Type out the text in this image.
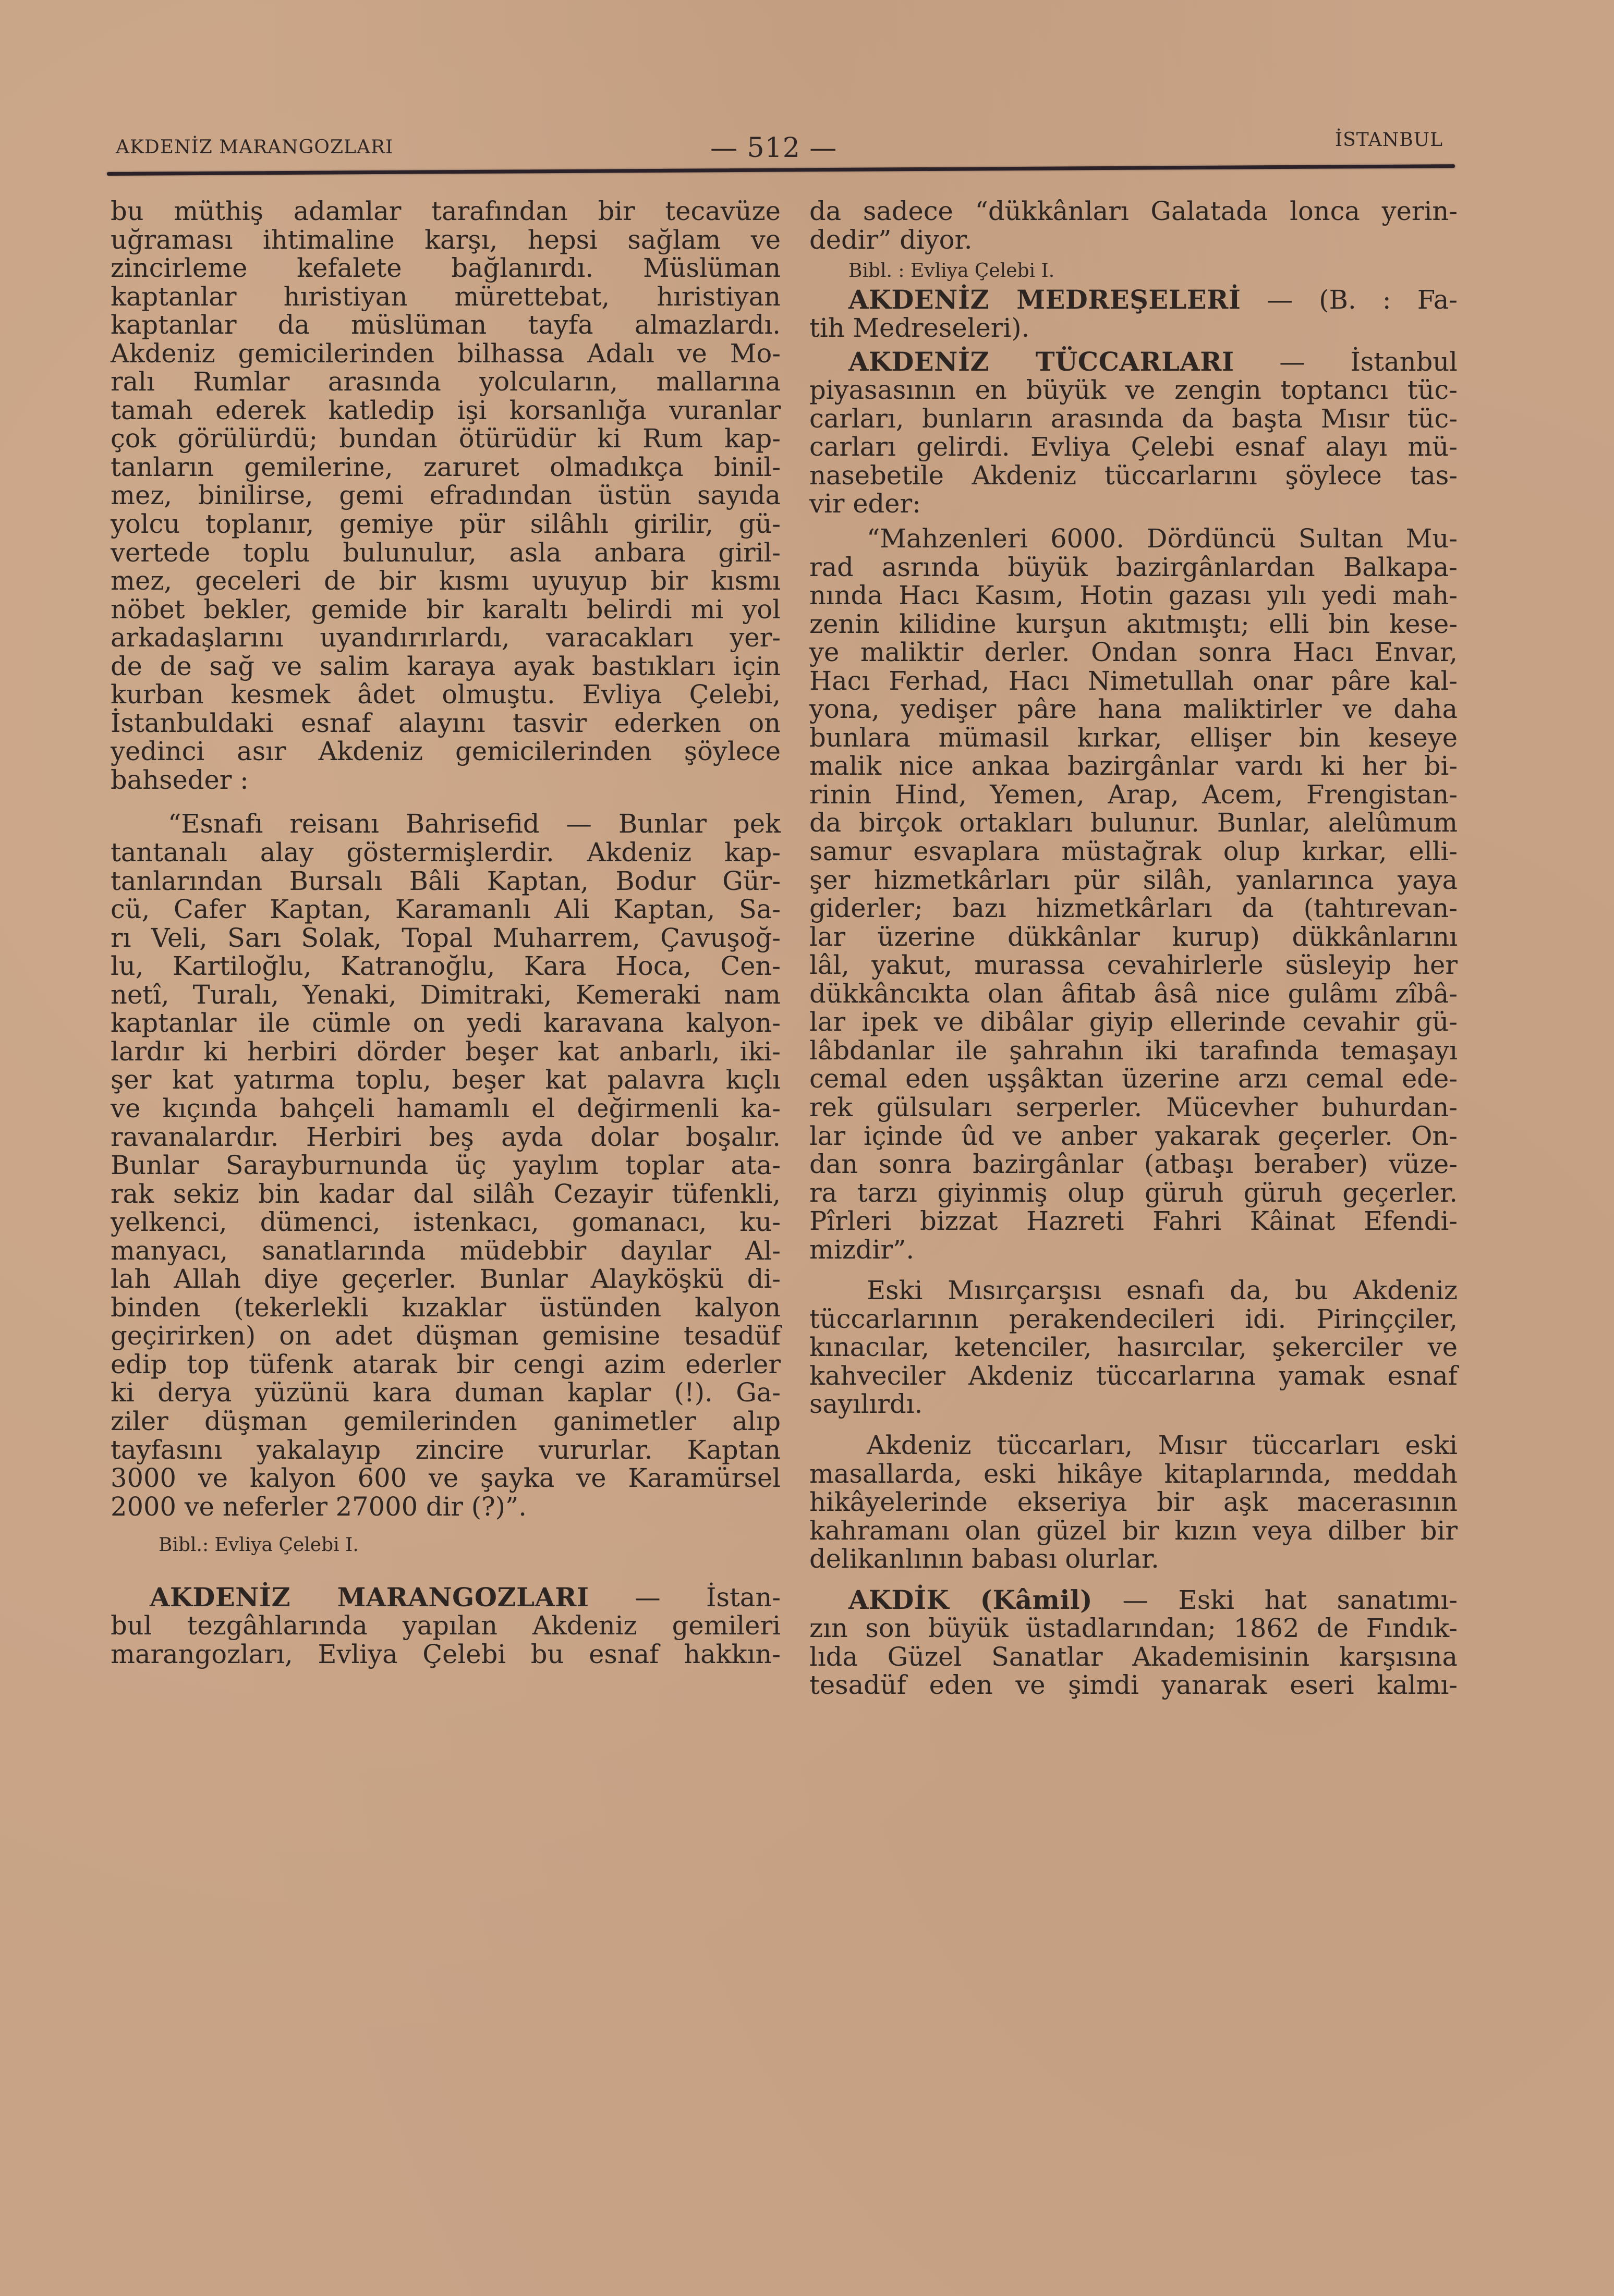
AKDENİZ MARANGOZLARI	— 512 —	İSTANBUL
bu müthiş adamlar tarafından bir tecavüze
uğraması ihtimaline karşı, hepsi sağlam ve
zincirleme kefalete bağlanırdı. Müslüman
kaptanlar hıristiyan mürettebat, hıristiyan
kaptanlar da müslüman tayfa almazlardı.
Akdeniz gemicilerinden bilhassa Adalı ve Mo-
ralı Rumlar arasında yolcuların, mallarına
tamah ederek katledip işi korsanlığa vuranlar
çok görülürdü; bundan ötürüdür ki Rum kap-
tanların gemilerine, zaruret olmadıkça binil-
mez, binilirse, gemi efradından üstün sayıda
yolcu toplanır, gemiye pür silâhlı girilir, gü-
vertede toplu bulunulur, asla anbara giril-
mez, geceleri de bir kısmı uyuyup bir kısmı
nöbet bekler, gemide bir karaltı belirdi mi yol
arkadaşlarını uyandırırlardı, varacakları yer-
de de sağ ve salim karaya ayak bastıkları için
kurban kesmek âdet olmuştu. Evliya Çelebi,
İstanbuldaki esnaf alayını tasvir ederken on
yedinci asır Akdeniz gemicilerinden şöylece
bahseder :
“Esnafı reisanı Bahrisefid — Bunlar pek
tantanalı alay göstermişlerdir. Akdeniz kap-
tanlarından Bursalı Bâli Kaptan, Bodur Gür-
cü, Cafer Kaptan, Karamanlı Ali Kaptan, Sa-
rı Veli, Sarı Solak, Topal Muharrem, Çavuşoğ-
lu, Kartiloğlu, Katranoğlu, Kara Hoca, Cen-
netî, Turalı, Yenaki, Dimitraki, Kemeraki nam
kaptanlar ile cümle on yedi karavana kalyon-
lardır ki herbiri dörder beşer kat anbarlı, iki-
şer kat yatırma toplu, beşer kat palavra kıçlı
ve kıçında bahçeli hamamlı el değirmenli ka-
ravanalardır. Herbiri beş ayda dolar boşalır.
Bunlar Sarayburnunda üç yaylım toplar ata-
rak sekiz bin kadar dal silâh Cezayir tüfenkli,
yelkenci, dümenci, istenkacı, gomanacı, ku-
manyacı, sanatlarında müdebbir dayılar Al-
lah Allah diye geçerler. Bunlar Alayköşkü di-
binden (tekerlekli kızaklar üstünden kalyon
geçirirken) on adet düşman gemisine tesadüf
edip top tüfenk atarak bir cengi azim ederler
ki derya yüzünü kara duman kaplar (!). Ga-
ziler düşman gemilerinden ganimetler alıp
tayfasını yakalayıp zincire vururlar. Kaptan
3000 ve kalyon 600 ve şayka ve Karamürsel
2000 ve neferler 27000 dir (?)”.
Bibl.: Evliya Çelebi I.
AKDENİZ MARANGOZLARI — İstan-
bul tezgâhlarında yapılan Akdeniz gemileri
marangozları, Evliya Çelebi bu esnaf hakkın-
da sadece “dükkânları Galatada lonca yerin-
dedir” diyor.
Bibl. : Evliya Çelebi I.
AKDENİZ MEDREŞELERİ — (B. : Fa-
tih Medreseleri).
AKDENİZ TÜCCARLARI — İstanbul
piyasasının en büyük ve zengin toptancı tüc-
carları, bunların arasında da başta Mısır tüc-
carları gelirdi. Evliya Çelebi esnaf alayı mü-
nasebetile Akdeniz tüccarlarını şöylece tas-
vir eder:
“Mahzenleri 6000. Dördüncü Sultan Mu-
rad asrında büyük bazirgânlardan Balkapa-
nında Hacı Kasım, Hotin gazası yılı yedi mah-
zenin kilidine kurşun akıtmıştı; elli bin kese-
ye maliktir derler. Ondan sonra Hacı Envar,
Hacı Ferhad, Hacı Nimetullah onar pâre kal-
yona, yedişer pâre hana maliktirler ve daha
bunlara mümasil kırkar, ellişer bin keseye
malik nice ankaa bazirgânlar vardı ki her bi-
rinin Hind, Yemen, Arap, Acem, Frengistan-
da birçok ortakları bulunur. Bunlar, alelûmum
samur esvaplara müstağrak olup kırkar, elli-
şer hizmetkârları pür silâh, yanlarınca yaya
giderler; bazı hizmetkârları da (tahtırevan-
lar üzerine dükkânlar kurup) dükkânlarını
lâl, yakut, murassa cevahirlerle süsleyip her
dükkâncıkta olan âfitab âsâ nice gulâmı zîbâ-
lar ipek ve dibâlar giyip ellerinde cevahir gü-
lâbdanlar ile şahrahın iki tarafında temaşayı
cemal eden uşşâktan üzerine arzı cemal ede-
rek gülsuları serperler. Mücevher buhurdan-
lar içinde ûd ve anber yakarak geçerler. On-
dan sonra bazirgânlar (atbaşı beraber) vüze-
ra tarzı giyinmiş olup güruh güruh geçerler.
Pîrleri bizzat Hazreti Fahri Kâinat Efendi-
mizdir”.
Eski Mısırçarşısı esnafı da, bu Akdeniz
tüccarlarının perakendecileri idi. Pirinççiler,
kınacılar, ketenciler, hasırcılar, şekerciler ve
kahveciler Akdeniz tüccarlarına yamak esnaf
sayılırdı.
Akdeniz tüccarları, Mısır tüccarları eski
masallarda, eski hikâye kitaplarında, meddah
hikâyelerinde ekseriya bir aşk macerasının
kahramanı olan güzel bir kızın veya dilber bir
delikanlının babası olurlar.
AKDİK (Kâmil) — Eski hat sanatımı-
zın son büyük üstadlarından; 1862 de Fındık-
lıda Güzel Sanatlar Akademisinin karşısına
tesadüf eden ve şimdi yanarak eseri kalmı-
